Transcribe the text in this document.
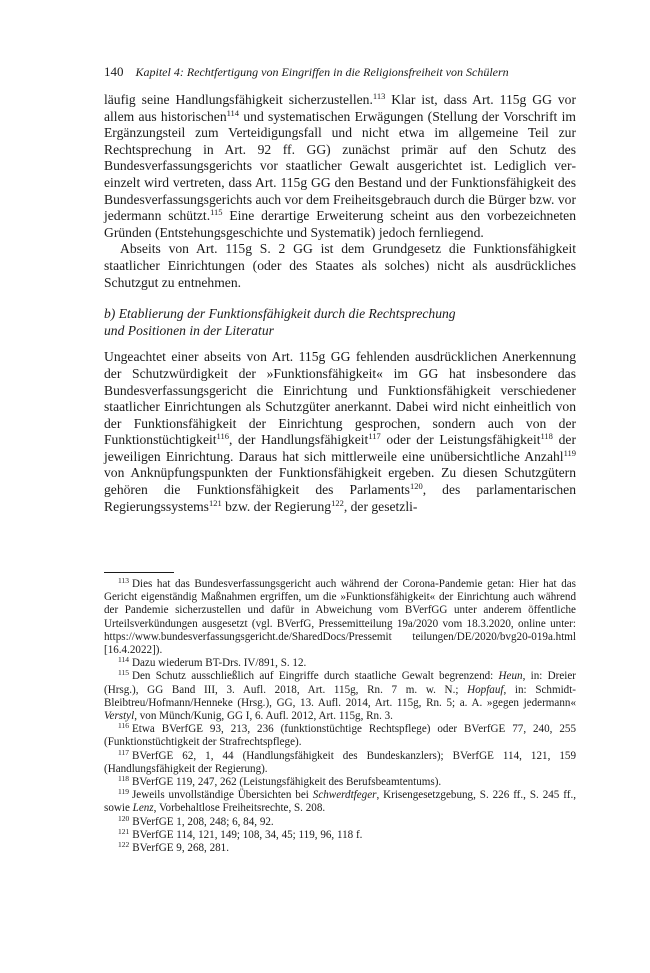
140 Kapitel 4: Rechtfertigung von Eingriffen in die Religionsfreiheit von Schülern

läufig seine Handlungsfähigkeit sicherzustellen.$^{113}$ Klar ist, dass Art. 115g GG vor allem aus historischen$^{114}$ und systematischen Erwägungen (Stellung der Vorschrift im Ergänzungsteil zum Verteidigungsfall und nicht etwa im allgemeine Teil zur Rechtsprechung in Art. 92 ff. GG) zunächst primär auf den Schutz des Bundesverfassungsgerichts vor staatlicher Gewalt ausgerichtet ist. Lediglich vereinzelt wird vertreten, dass Art. 115g GG den Bestand und der Funktionsfähigkeit des Bundesverfassungsgerichts auch vor dem Freiheitsgebrauch durch die Bürger bzw. vor jedermann schützt.$^{115}$ Eine derartige Erweiterung scheint aus den vorbezeichneten Gründen (Entstehungsgeschichte und Systematik) jedoch fernliegend.

Abseits von Art. 115g S. 2 GG ist dem Grundgesetz die Funktionsfähigkeit staatlicher Einrichtungen (oder des Staates als solches) nicht als ausdrückliches Schutzgut zu entnehmen.

b) Etablierung der Funktionsfähigkeit durch die Rechtsprechung
und Positionen in der Literatur

Ungeachtet einer abseits von Art. 115g GG fehlenden ausdrücklichen Anerkennung der Schutzwürdigkeit der »Funktionsfähigkeit« im GG hat insbesondere das Bundesverfassungsgericht die Einrichtung und Funktionsfähigkeit verschiedener staatlicher Einrichtungen als Schutzgüter anerkannt. Dabei wird nicht einheitlich von der Funktionsfähigkeit der Einrichtung gesprochen, sondern auch von der Funktionstüchtigkeit$^{116}$, der Handlungsfähigkeit$^{117}$ oder der Leistungsfähigkeit$^{118}$ der jeweiligen Einrichtung. Daraus hat sich mittlerweile eine unübersichtliche Anzahl$^{119}$ von Anknüpfungspunkten der Funktionsfähigkeit ergeben. Zu diesen Schutzgütern gehören die Funktionsfähigkeit des Parlaments$^{120}$, des parlamentarischen Regierungssystems$^{121}$ bzw. der Regierung$^{122}$, der gesetzli-

$^{113}$ Dies hat das Bundesverfassungsgericht auch während der Corona-Pandemie getan: Hier hat das Gericht eigenständig Maßnahmen ergriffen, um die »Funktionsfähigkeit« der Einrichtung auch während der Pandemie sicherzustellen und dafür in Abweichung vom BVerfGG unter anderem öffentliche Urteilsverkündungen ausgesetzt (vgl. BVerfG, Pressemitteilung 19a/2020 vom 18.3.2020, online unter: https://www.bundesverfassungsgericht.de/SharedDocs/Pressemit teilungen/DE/2020/bvg20-019a.html [16.4.2022]).

$^{114}$ Dazu wiederum BT-Drs. IV/891, S. 12.

$^{115}$ Den Schutz ausschließlich auf Eingriffe durch staatliche Gewalt begrenzend: Heun, in: Dreier (Hrsg.), GG Band III, 3. Aufl. 2018, Art. 115g, Rn. 7 m. w. N.; Hopfauf, in: Schmidt-Bleibtreu/Hofmann/Henneke (Hrsg.), GG, 13. Aufl. 2014, Art. 115g, Rn. 5; a. A. »gegen jedermann« Verstyl, von Münch/Kunig, GG I, 6. Aufl. 2012, Art. 115g, Rn. 3.

$^{116}$ Etwa BVerfGE 93, 213, 236 (funktionstüchtige Rechtspflege) oder BVerfGE 77, 240, 255 (Funktionstüchtigkeit der Strafrechtspflege).

$^{117}$ BVerfGE 62, 1, 44 (Handlungsfähigkeit des Bundeskanzlers); BVerfGE 114, 121, 159 (Handlungsfähigkeit der Regierung).

$^{118}$ BVerfGE 119, 247, 262 (Leistungsfähigkeit des Berufsbeamtentums).

$^{119}$ Jeweils unvollständige Übersichten bei Schwerdtfeger, Krisengesetzgebung, S. 226 ff., S. 245 ff., sowie Lenz, Vorbehaltlose Freiheitsrechte, S. 208.

$^{120}$ BVerfGE 1, 208, 248; 6, 84, 92.

$^{121}$ BVerfGE 114, 121, 149; 108, 34, 45; 119, 96, 118 f.

$^{122}$ BVerfGE 9, 268, 281.
